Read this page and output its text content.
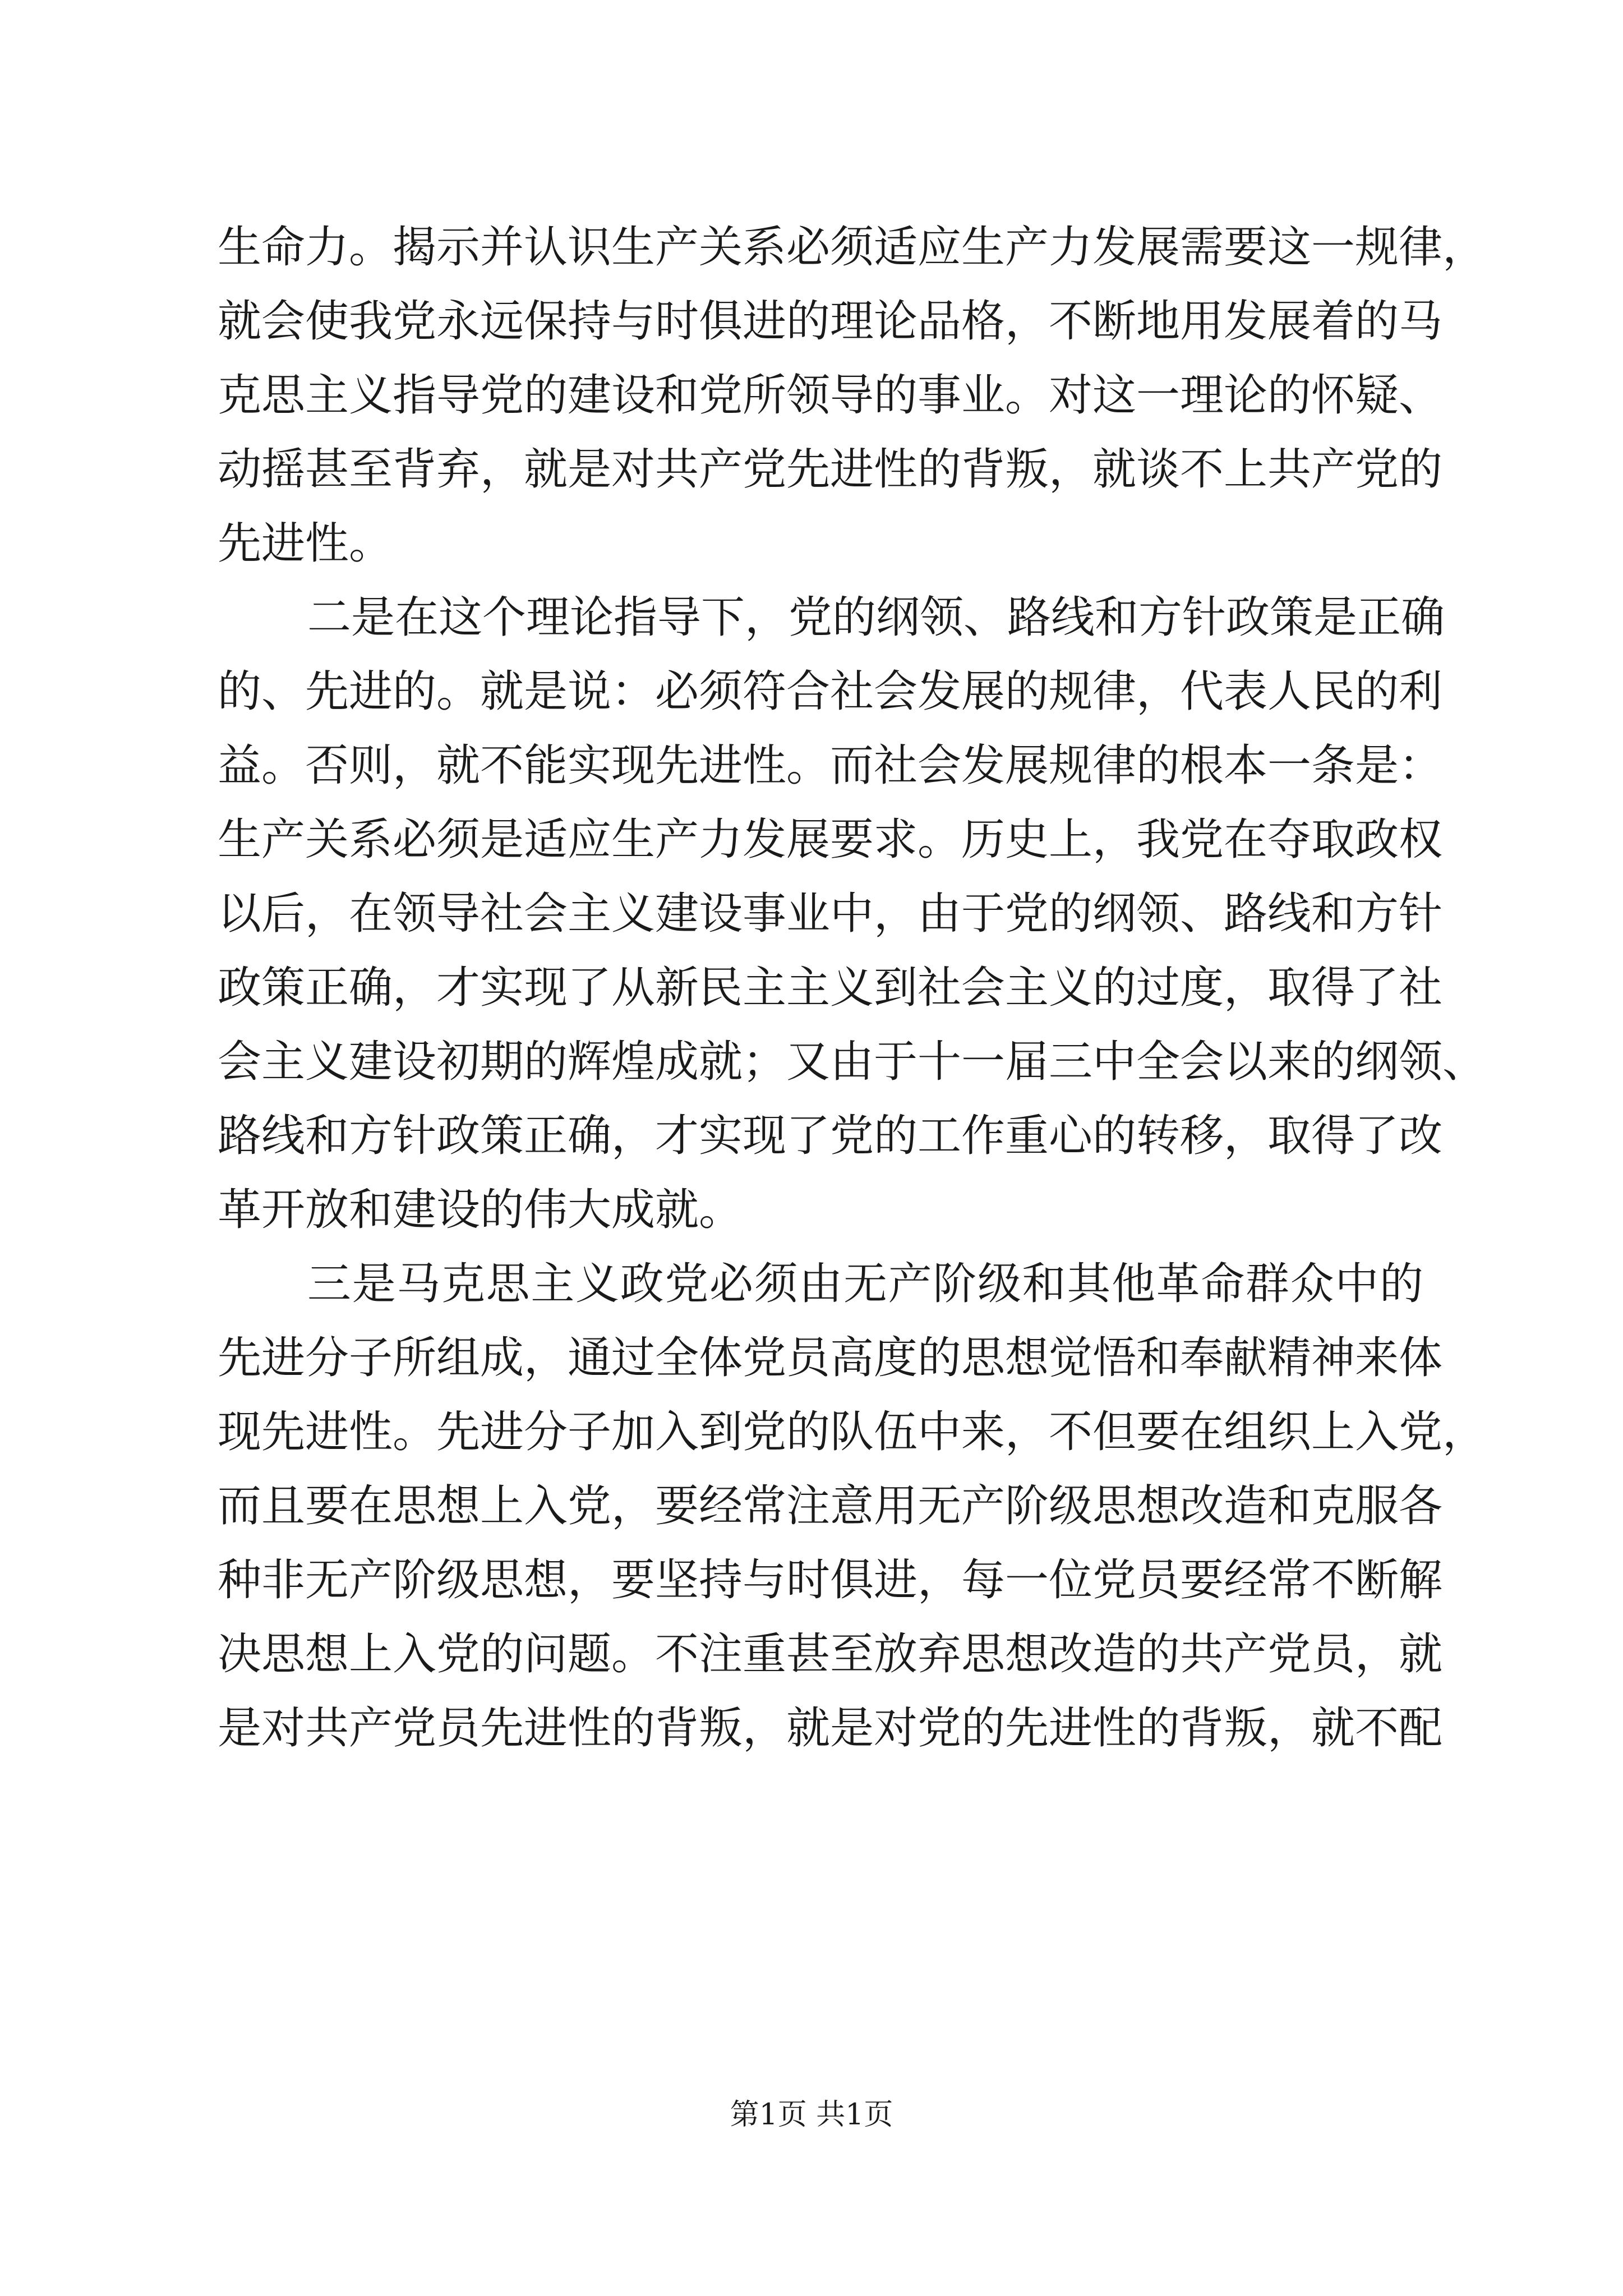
生命力。揭示并认识生产关系必须适应生产力发展需要这一规律，
就会使我党永远保持与时俱进的理论品格，不断地用发展着的马
克思主义指导党的建设和党所领导的事业。对这一理论的怀疑、
动摇甚至背弃，就是对共产党先进性的背叛，就谈不上共产党的
先进性。
二是在这个理论指导下，党的纲领、路线和方针政策是正确
的、先进的。就是说：必须符合社会发展的规律，代表人民的利
益。否则，就不能实现先进性。而社会发展规律的根本一条是：
生产关系必须是适应生产力发展要求。历史上，我党在夺取政权
以后，在领导社会主义建设事业中，由于党的纲领、路线和方针
政策正确，才实现了从新民主主义到社会主义的过度，取得了社
会主义建设初期的辉煌成就；又由于十一届三中全会以来的纲领、
路线和方针政策正确，才实现了党的工作重心的转移，取得了改
革开放和建设的伟大成就。
三是马克思主义政党必须由无产阶级和其他革命群众中的
先进分子所组成，通过全体党员高度的思想觉悟和奉献精神来体
现先进性。先进分子加入到党的队伍中来，不但要在组织上入党，
而且要在思想上入党，要经常注意用无产阶级思想改造和克服各
种非无产阶级思想，要坚持与时俱进，每一位党员要经常不断解
决思想上入党的问题。不注重甚至放弃思想改造的共产党员，就
是对共产党员先进性的背叛，就是对党的先进性的背叛，就不配
第1页 共1页
